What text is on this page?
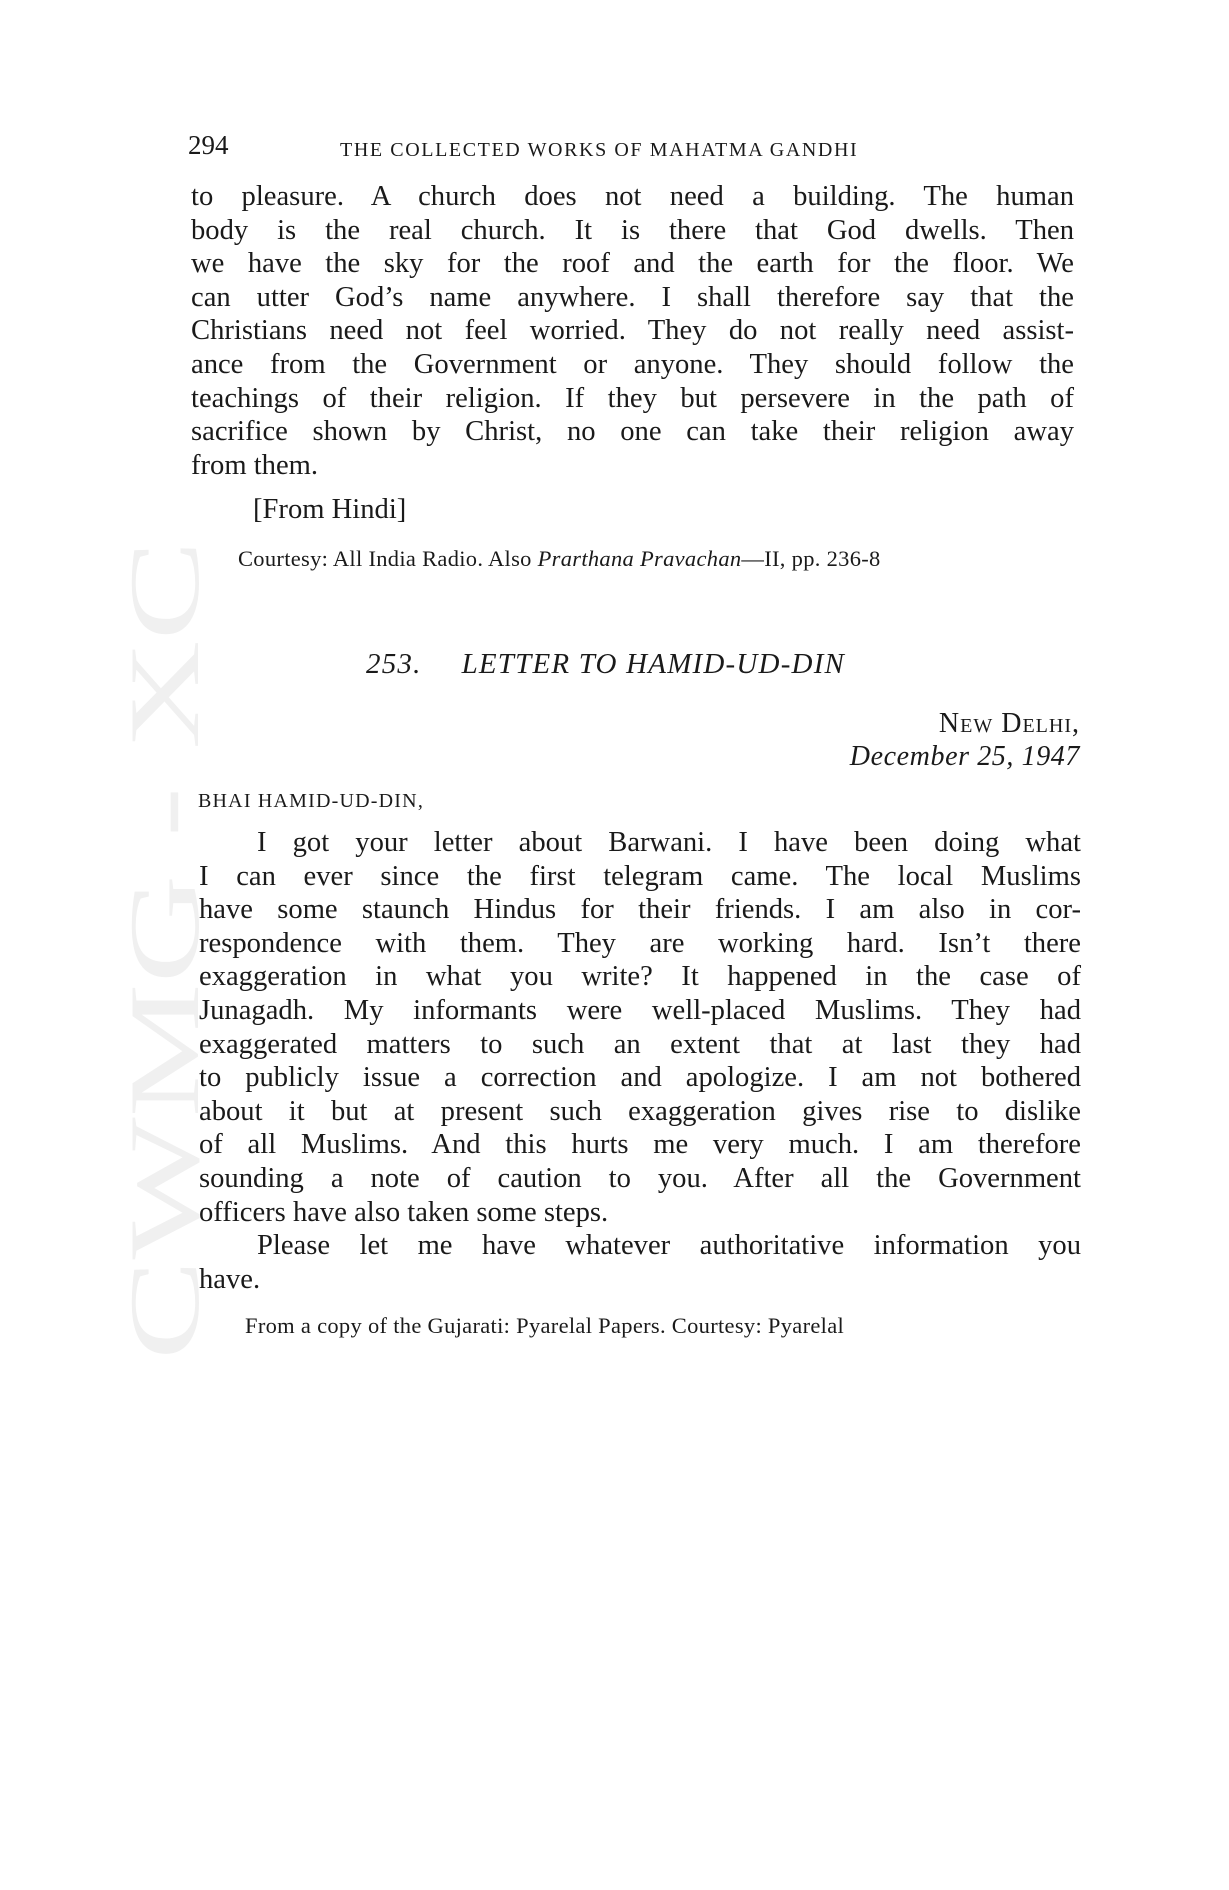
CWMG XC
294	THE COLLECTED WORKS OF MAHATMA GANDHI

to pleasure. A church does not need a building. The human

body is the real church. It is there that God dwells. Then

we have the sky for the roof and the earth for the floor. We

can utter God’s name anywhere. I shall therefore say that the

Christians need not feel worried. They do not really need assist-

ance from the Government or anyone. They should follow the

teachings of their religion. If they but persevere in the path of

sacrifice shown by Christ, no one can take their religion away

from them.

[From Hindi]
Courtesy: All India Radio. Also Prarthana Pravachan—II, pp. 236-8
253. LETTER TO HAMID-UD-DIN
New Delhi,
December 25, 1947
BHAI HAMID-UD-DIN,

I got your letter about Barwani. I have been doing what

I can ever since the first telegram came. The local Muslims

have some staunch Hindus for their friends. I am also in cor-

respondence with them. They are working hard. Isn’t there

exaggeration in what you write? It happened in the case of

Junagadh. My informants were well-placed Muslims. They had

exaggerated matters to such an extent that at last they had

to publicly issue a correction and apologize. I am not bothered

about it but at present such exaggeration gives rise to dislike

of all Muslims. And this hurts me very much. I am therefore

sounding a note of caution to you. After all the Government

officers have also taken some steps.

Please let me have whatever authoritative information you

have.

From a copy of the Gujarati: Pyarelal Papers. Courtesy: Pyarelal
